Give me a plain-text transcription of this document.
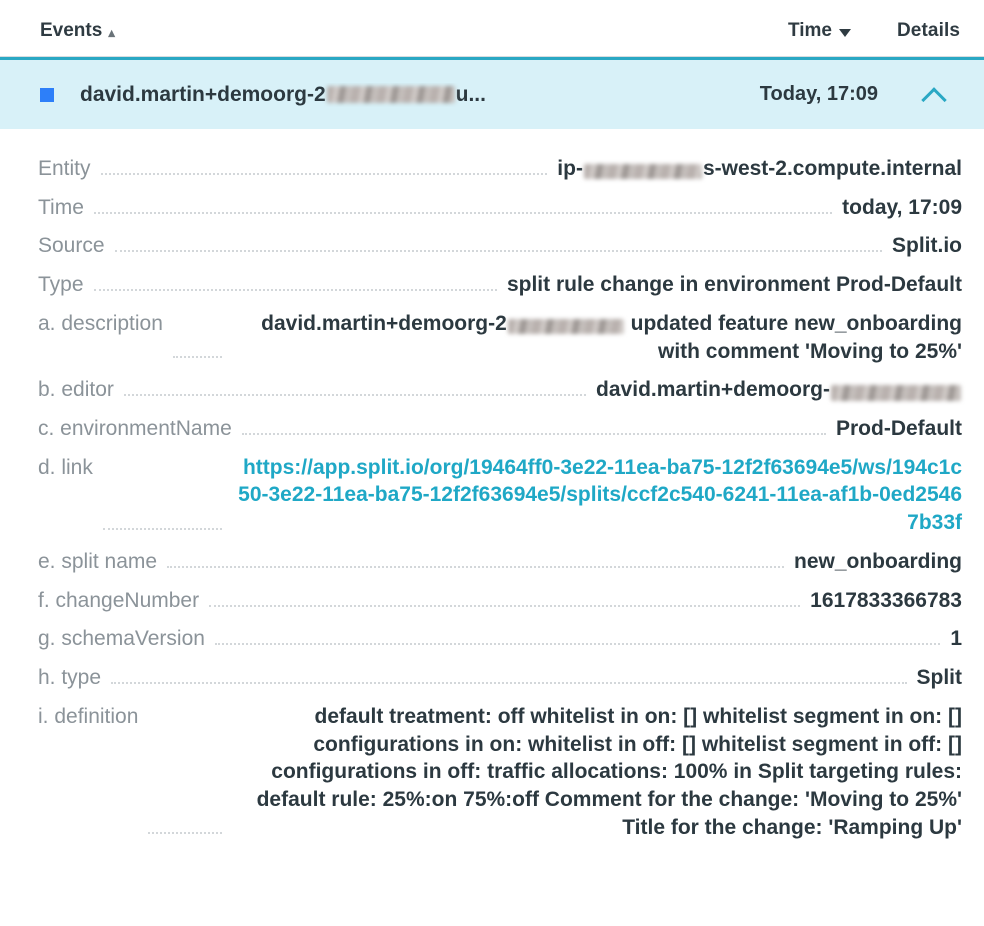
Events ▴	Time	Details
david.martin+demoorg-2	u...	Today, 17:09
Entity	ip-	s-west-2.compute.internal
Time	today, 17:09
Source	Split.io
Type	split rule change in environment Prod-Default
a. description	david.martin+demoorg-2	updated feature new_onboarding with comment 'Moving to 25%'
b. editor	david.martin+demoorg-
c. environmentName	Prod-Default
d. link	https://app.split.io/org/19464ff0-3e22-11ea-ba75-12f2f63694e5/ws/194c1c50-3e22-11ea-ba75-12f2f63694e5/splits/ccf2c540-6241-11ea-af1b-0ed25467b33f
e. split name	new_onboarding
f. changeNumber	1617833366783
g. schemaVersion	1
h. type	Split
i. definition	default treatment: off whitelist in on: [] whitelist segment in on: [] configurations in on: whitelist in off: [] whitelist segment in off: [] configurations in off: traffic allocations: 100% in Split targeting rules: default rule: 25%:on 75%:off Comment for the change: 'Moving to 25%' Title for the change: 'Ramping Up'
